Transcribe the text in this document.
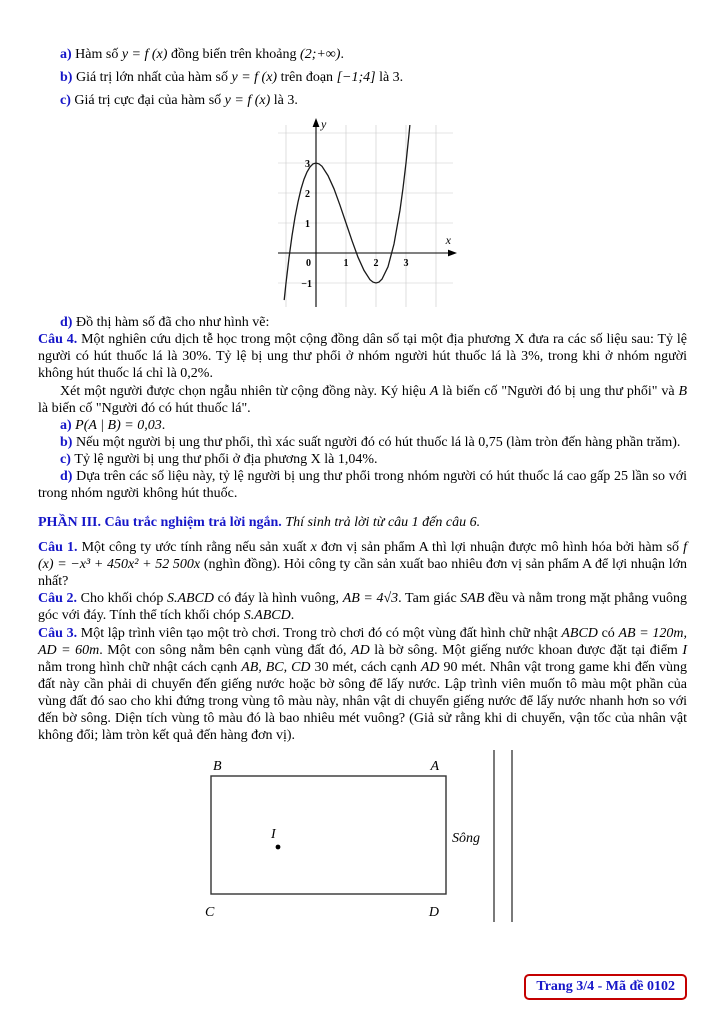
a) Hàm số y = f (x) đồng biến trên khoảng (2;+∞).

b) Giá trị lớn nhất của hàm số y = f (x) trên đoạn [−1;4] là 3.

c) Giá trị cực đại của hàm số y = f (x) là 3.

y
x
3
2
1
0
−1
1	2	3

d) Đồ thị hàm số đã cho như hình vẽ:

Câu 4. Một nghiên cứu dịch tễ học trong một cộng đồng dân số tại một địa phương X đưa ra các số liệu sau: Tỷ lệ người có hút thuốc lá là 30%. Tỷ lệ bị ung thư phổi ở nhóm người hút thuốc lá là 3%, trong khi ở nhóm người không hút thuốc lá chỉ là 0,2%.

Xét một người được chọn ngẫu nhiên từ cộng đồng này. Ký hiệu A là biến cố "Người đó bị ung thư phổi" và B là biến cố "Người đó có hút thuốc lá".

a) P(A | B) = 0,03.

b) Nếu một người bị ung thư phổi, thì xác suất người đó có hút thuốc lá là 0,75 (làm tròn đến hàng phần trăm).

c) Tỷ lệ người bị ung thư phổi ở địa phương X là 1,04%.

d) Dựa trên các số liệu này, tỷ lệ người bị ung thư phổi trong nhóm người có hút thuốc lá cao gấp 25 lần so với trong nhóm người không hút thuốc.

PHẦN III. Câu trắc nghiệm trả lời ngắn. Thí sinh trả lời từ câu 1 đến câu 6.

Câu 1. Một công ty ước tính rằng nếu sản xuất x đơn vị sản phẩm A thì lợi nhuận được mô hình hóa bởi hàm số f (x) = −x³ + 450x² + 52 500x (nghìn đồng). Hỏi công ty cần sản xuất bao nhiêu đơn vị sản phẩm A để lợi nhuận lớn nhất?

Câu 2. Cho khối chóp S.ABCD có đáy là hình vuông, AB = 4√3. Tam giác SAB đều và nằm trong mặt phẳng vuông góc với đáy. Tính thể tích khối chóp S.ABCD.

Câu 3. Một lập trình viên tạo một trò chơi. Trong trò chơi đó có một vùng đất hình chữ nhật ABCD có AB = 120m, AD = 60m. Một con sông nằm bên cạnh vùng đất đó, AD là bờ sông. Một giếng nước khoan được đặt tại điểm I nằm trong hình chữ nhật cách cạnh AB, BC, CD 30 mét, cách cạnh AD 90 mét. Nhân vật trong game khi đến vùng đất này cần phải di chuyển đến giếng nước hoặc bờ sông để lấy nước. Lập trình viên muốn tô màu một phần của vùng đất đó sao cho khi đứng trong vùng tô màu này, nhân vật di chuyển giếng nước để lấy nước nhanh hơn so với đến bờ sông. Diện tích vùng tô màu đó là bao nhiêu mét vuông? (Giả sử rằng khi di chuyển, vận tốc của nhân vật không đổi; làm tròn kết quả đến hàng đơn vị).

B	A
C	D
I	Sông
Trang 3/4 - Mã đề 0102
